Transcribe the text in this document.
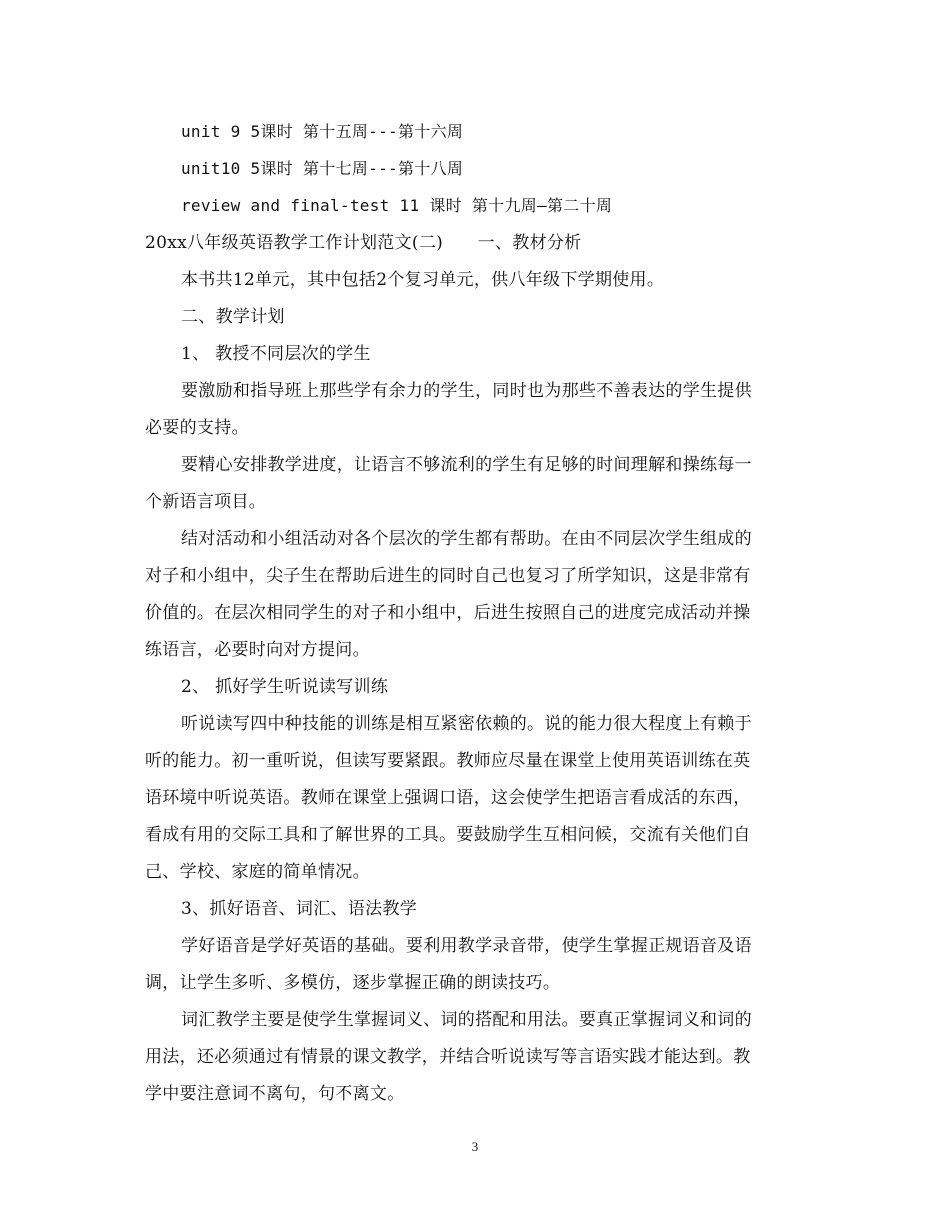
unit 9 5课时 第十五周---第十六周
unit10 5课时 第十七周---第十八周
review and final-test 11 课时 第十九周—第二十周
20xx八年级英语教学工作计划范文(二)　　一、教材分析
本书共12单元，其中包括2个复习单元，供八年级下学期使用。
二、教学计划
1、 教授不同层次的学生
要激励和指导班上那些学有余力的学生，同时也为那些不善表达的学生提供
必要的支持。
要精心安排教学进度，让语言不够流利的学生有足够的时间理解和操练每一
个新语言项目。
结对活动和小组活动对各个层次的学生都有帮助。在由不同层次学生组成的
对子和小组中，尖子生在帮助后进生的同时自己也复习了所学知识，这是非常有
价值的。在层次相同学生的对子和小组中，后进生按照自己的进度完成活动并操
练语言，必要时向对方提问。
2、 抓好学生听说读写训练
听说读写四中种技能的训练是相互紧密依赖的。说的能力很大程度上有赖于
听的能力。初一重听说，但读写要紧跟。教师应尽量在课堂上使用英语训练在英
语环境中听说英语。教师在课堂上强调口语，这会使学生把语言看成活的东西，
看成有用的交际工具和了解世界的工具。要鼓励学生互相问候，交流有关他们自
己、学校、家庭的简单情况。
3、抓好语音、词汇、语法教学
学好语音是学好英语的基础。要利用教学录音带，使学生掌握正规语音及语
调，让学生多听、多模仿，逐步掌握正确的朗读技巧。
词汇教学主要是使学生掌握词义、词的搭配和用法。要真正掌握词义和词的
用法，还必须通过有情景的课文教学，并结合听说读写等言语实践才能达到。教
学中要注意词不离句，句不离文。
3
